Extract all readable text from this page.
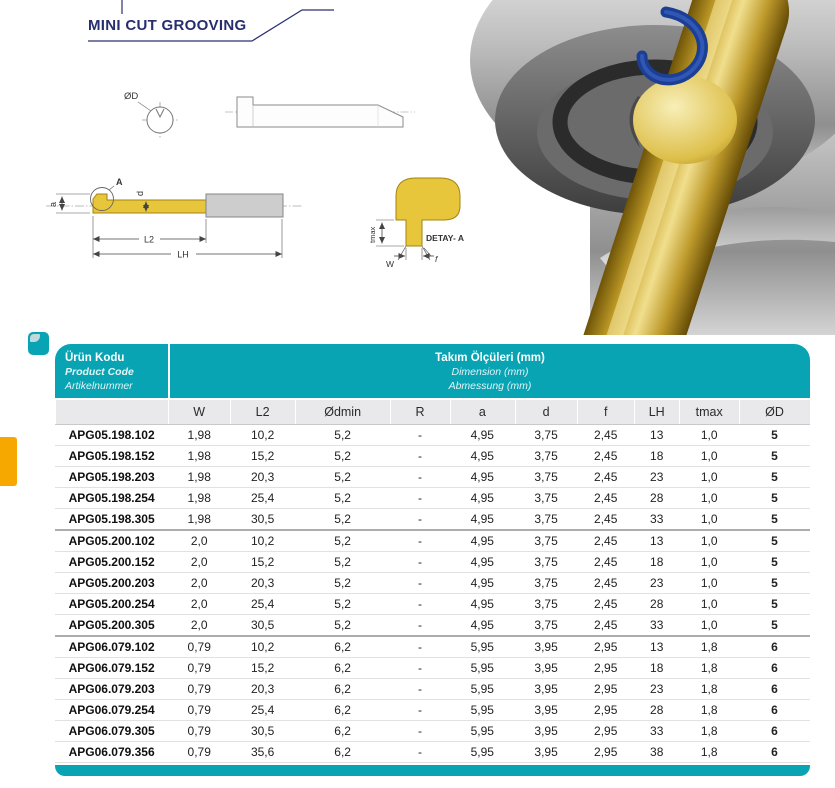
MINI CUT GROOVING
ØD
A
a
d
L2
LH
tmax
W	f
DETAY- A
Ürün Kodu
Product Code
Artikelnummer
Takım Ölçüleri (mm)
Dimension (mm)
Abmessung (mm)
	W	L2	Ødmin	R	a	d	f	LH	tmax	ØD
APG05.198.102	1,98	10,2	5,2	-	4,95	3,75	2,45	13	1,0	5
APG05.198.152	1,98	15,2	5,2	-	4,95	3,75	2,45	18	1,0	5
APG05.198.203	1,98	20,3	5,2	-	4,95	3,75	2,45	23	1,0	5
APG05.198.254	1,98	25,4	5,2	-	4,95	3,75	2,45	28	1,0	5
APG05.198.305	1,98	30,5	5,2	-	4,95	3,75	2,45	33	1,0	5
APG05.200.102	2,0	10,2	5,2	-	4,95	3,75	2,45	13	1,0	5
APG05.200.152	2,0	15,2	5,2	-	4,95	3,75	2,45	18	1,0	5
APG05.200.203	2,0	20,3	5,2	-	4,95	3,75	2,45	23	1,0	5
APG05.200.254	2,0	25,4	5,2	-	4,95	3,75	2,45	28	1,0	5
APG05.200.305	2,0	30,5	5,2	-	4,95	3,75	2,45	33	1,0	5
APG06.079.102	0,79	10,2	6,2	-	5,95	3,95	2,95	13	1,8	6
APG06.079.152	0,79	15,2	6,2	-	5,95	3,95	2,95	18	1,8	6
APG06.079.203	0,79	20,3	6,2	-	5,95	3,95	2,95	23	1,8	6
APG06.079.254	0,79	25,4	6,2	-	5,95	3,95	2,95	28	1,8	6
APG06.079.305	0,79	30,5	6,2	-	5,95	3,95	2,95	33	1,8	6
APG06.079.356	0,79	35,6	6,2	-	5,95	3,95	2,95	38	1,8	6
